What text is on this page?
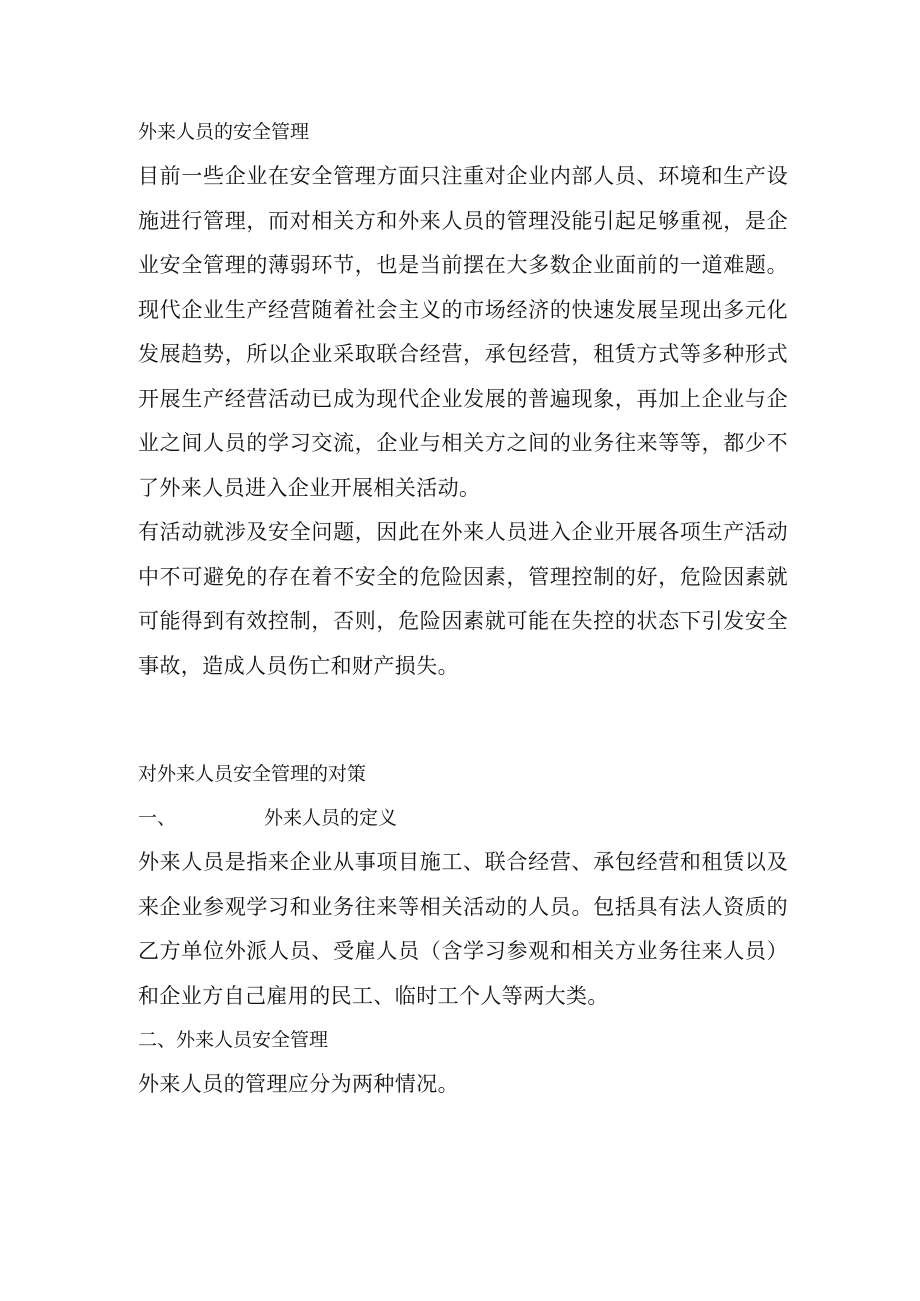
外来人员的安全管理

目前一些企业在安全管理方面只注重对企业内部人员、环境和生产设施进行管理，而对相关方和外来人员的管理没能引起足够重视，是企业安全管理的薄弱环节，也是当前摆在大多数企业面前的一道难题。现代企业生产经营随着社会主义的市场经济的快速发展呈现出多元化发展趋势，所以企业采取联合经营，承包经营，租赁方式等多种形式开展生产经营活动已成为现代企业发展的普遍现象，再加上企业与企业之间人员的学习交流，企业与相关方之间的业务往来等等，都少不了外来人员进入企业开展相关活动。

有活动就涉及安全问题，因此在外来人员进入企业开展各项生产活动中不可避免的存在着不安全的危险因素，管理控制的好，危险因素就可能得到有效控制，否则，危险因素就可能在失控的状态下引发安全事故，造成人员伤亡和财产损失。

对外来人员安全管理的对策

一、	外来人员的定义

外来人员是指来企业从事项目施工、联合经营、承包经营和租赁以及来企业参观学习和业务往来等相关活动的人员。包括具有法人资质的乙方单位外派人员、受雇人员（含学习参观和相关方业务往来人员）和企业方自己雇用的民工、临时工个人等两大类。

二、外来人员安全管理

外来人员的管理应分为两种情况。
